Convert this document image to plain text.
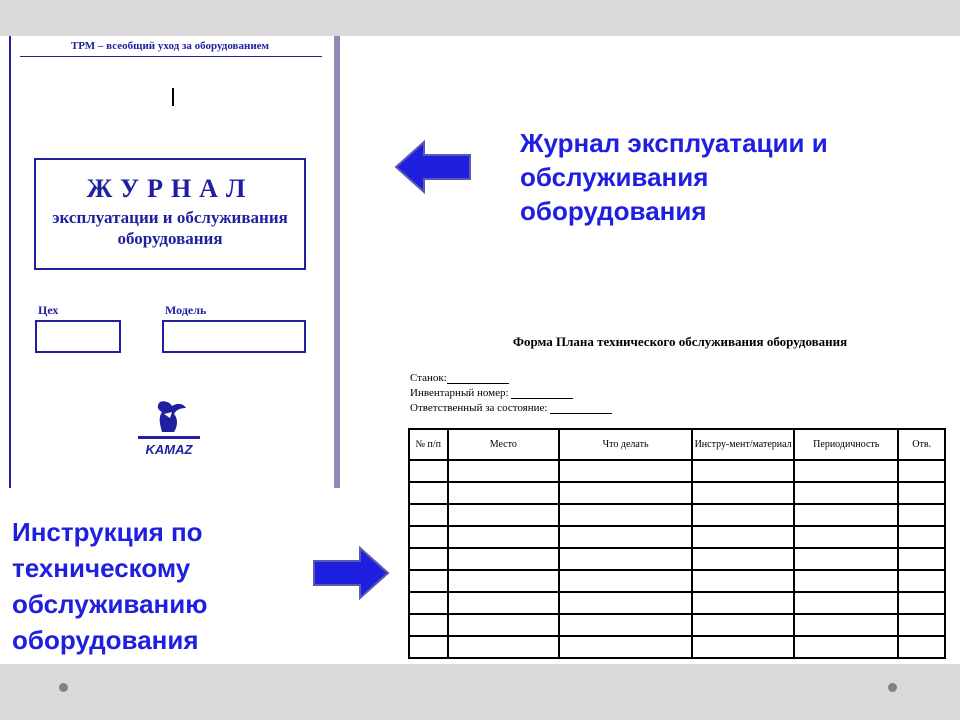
ТРМ – всеобщий уход за оборудованием
ЖУРНАЛ
эксплуатации и обслуживания
оборудования
Цех	Модель
KAMAZ
Журнал эксплуатации и обслуживания оборудования
Инструкция по техническому обслуживанию оборудования
Форма Плана технического обслуживания оборудования
Станок:
Инвентарный номер:
Ответственный за состояние:
№ п/п	Место	Что делать	Инстру-мент/материал	Периодичность	Отв.
